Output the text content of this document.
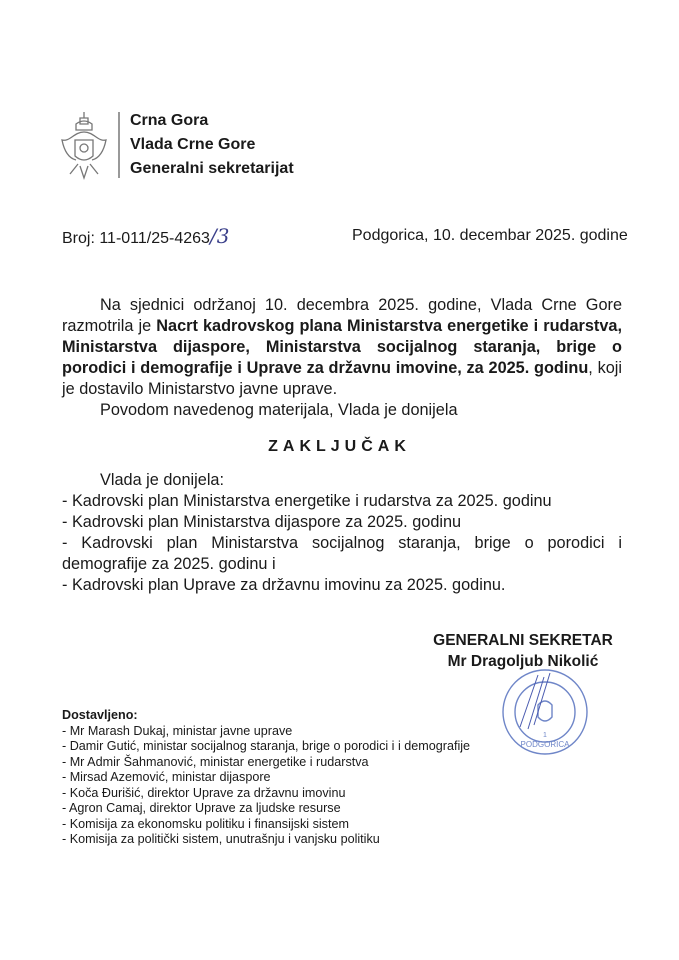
Crna Gora
Vlada Crne Gore
Generalni sekretarijat
Broj: 11-011/25-4263/3	Podgorica, 10. decembar 2025. godine

Na sjednici održanoj 10. decembra 2025. godine, Vlada Crne Gore razmotrila je Nacrt kadrovskog plana Ministarstva energetike i rudarstva, Ministarstva dijaspore, Ministarstva socijalnog staranja, brige o porodici i demografije i Uprave za državnu imovine, za 2025. godinu, koji je dostavilo Ministarstvo javne uprave.

Povodom navedenog materijala, Vlada je donijela

ZAKLJUČAK
Vlada je donijela:
- Kadrovski plan Ministarstva energetike i rudarstva za 2025. godinu
- Kadrovski plan Ministarstva dijaspore za 2025. godinu
- Kadrovski plan Ministarstva socijalnog staranja, brige o porodici i demografije za 2025. godinu i
- Kadrovski plan Uprave za državnu imovinu za 2025. godinu.
PODGORICA
1
GENERALNI SEKRETAR
Mr Dragoljub Nikolić
Dostavljeno:
- Mr Marash Dukaj, ministar javne uprave
- Damir Gutić, ministar socijalnog staranja, brige o porodici i i demografije
- Mr Admir Šahmanović, ministar energetike i rudarstva
- Mirsad Azemović, ministar dijaspore
- Koča Đurišić, direktor Uprave za državnu imovinu
- Agron Camaj, direktor Uprave za ljudske resurse
- Komisija za ekonomsku politiku i finansijski sistem
- Komisija za politički sistem, unutrašnju i vanjsku politiku
